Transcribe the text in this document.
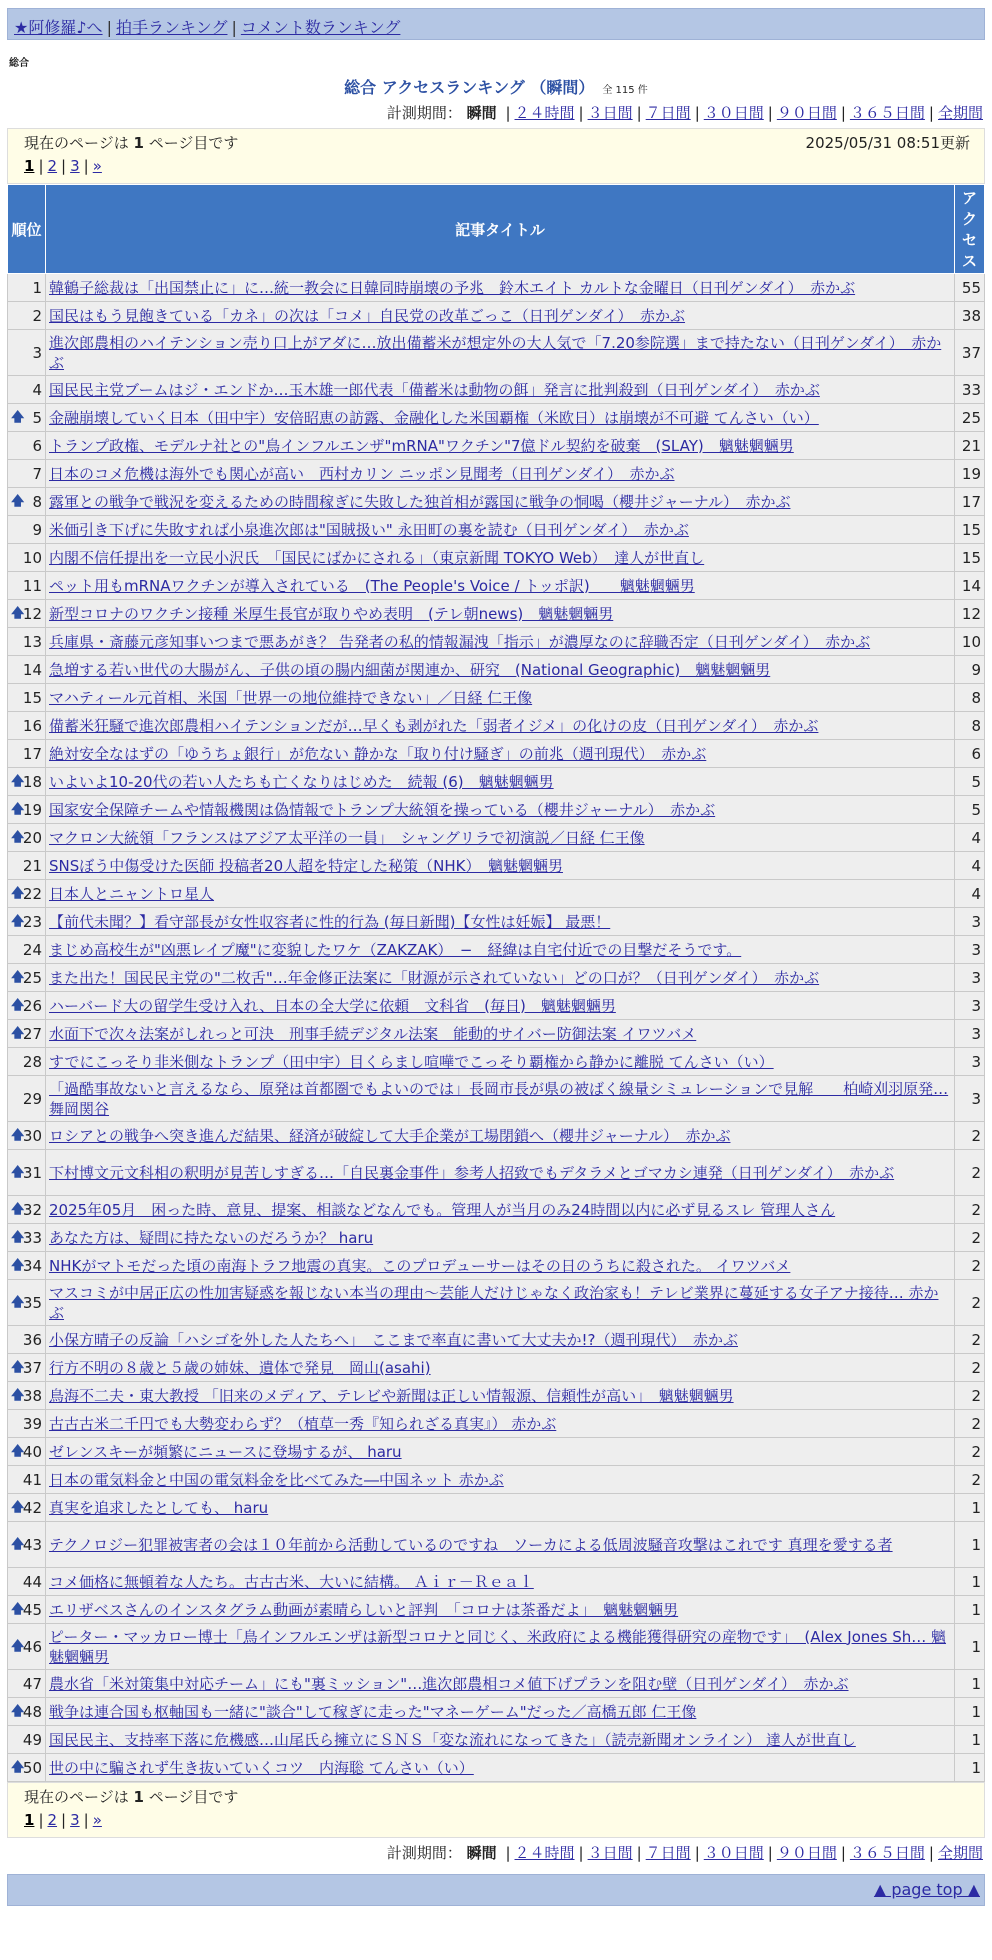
★阿修羅♪へ | 拍手ランキング | コメント数ランキング
総合
総合 アクセスランキング （瞬間） 全 115 件
計測期間： 瞬間 | ２４時間 | ３日間 | ７日間 | ３０日間 | ９０日間 | ３６５日間 | 全期間
現在のページは 1 ページ目です	2025/05/31 08:51更新
1 | 2 | 3 | »
順位	記事タイトル	アクセス
1	韓鶴子総裁は「出国禁止に」に…統一教会に日韓同時崩壊の予兆　鈴木エイト カルトな金曜日（日刊ゲンダイ）　赤かぶ	55
2	国民はもう見飽きている「カネ」の次は「コメ」自民党の改革ごっこ（日刊ゲンダイ）　赤かぶ	38
3	進次郎農相のハイテンション売り口上がアダに…放出備蓄米が想定外の大人気で「7.20参院選」まで持たない（日刊ゲンダイ）　赤かぶ	37
4	国民民主党ブームはジ・エンドか…玉木雄一郎代表「備蓄米は動物の餌」発言に批判殺到（日刊ゲンダイ）　赤かぶ	33

🡅 5	金融崩壊していく日本（田中宇）安倍昭恵の訪露、金融化した米国覇権（米欧日）は崩壊が不可避 てんさい（い）	25
6	トランプ政権、モデルナ社との"鳥インフルエンザ"mRNA"ワクチン"7億ドル契約を破棄　(SLAY)　魑魅魍魎男	21
7	日本のコメ危機は海外でも関心が高い　西村カリン ニッポン見聞考（日刊ゲンダイ）　赤かぶ	19

🡅 8	露軍との戦争で戦況を変えるための時間稼ぎに失敗した独首相が露国に戦争の恫喝（櫻井ジャーナル）　赤かぶ	17
9	米価引き下げに失敗すれば小泉進次郎は"国賊扱い" 永田町の裏を読む（日刊ゲンダイ）　赤かぶ	15
10	内閣不信任提出を一立民小沢氏　「国民にばかにされる」（東京新聞 TOKYO Web）　達人が世直し	15
11	ペット用もmRNAワクチンが導入されている　(The People's Voice / トッポ訳)　　魑魅魍魎男	14

🡅
12	新型コロナのワクチン接種 米厚生長官が取りやめ表明　(テレ朝news)　魑魅魍魎男	12
13	兵庫県・斎藤元彦知事いつまで悪あがき？ 告発者の私的情報漏洩「指示」が濃厚なのに辞職否定（日刊ゲンダイ）　赤かぶ	10
14	急増する若い世代の大腸がん、子供の頃の腸内細菌が関連か、研究　(National Geographic)　魑魅魍魎男	9
15	マハティール元首相、米国「世界一の地位維持できない」／日経 仁王像	8
16	備蓄米狂騒で進次郎農相ハイテンションだが…早くも剥がれた「弱者イジメ」の化けの皮（日刊ゲンダイ）　赤かぶ	8
17	絶対安全なはずの「ゆうちょ銀行」が危ない 静かな「取り付け騒ぎ」の前兆（週刊現代）　赤かぶ	6

🡅
18	いよいよ10-20代の若い人たちも亡くなりはじめた　続報 (6)　魑魅魍魎男	5

🡅
19	国家安全保障チームや情報機関は偽情報でトランプ大統領を操っている（櫻井ジャーナル）　赤かぶ	5

🡅
20	マクロン大統領「フランスはアジア太平洋の一員」　シャングリラで初演説／日経 仁王像	4
21	SNSぼう中傷受けた医師 投稿者20人超を特定した秘策（NHK）　魑魅魍魎男	4

🡅
22	日本人とニャントロ星人	4

🡅
23	【前代未聞？】看守部長が女性収容者に性的行為 (毎日新聞)【女性は妊娠】 最悪！	3
24	まじめ高校生が"凶悪レイプ魔"に変貌したワケ（ZAKZAK）　−　経緯は自宅付近での目撃だそうです。	3

🡅
25	また出た！国民民主党の"二枚舌"…年金修正法案に「財源が示されていない」どの口が？（日刊ゲンダイ）　赤かぶ	3

🡅
26	ハーバード大の留学生受け入れ、日本の全大学に依頼　文科省　(毎日)　魑魅魍魎男	3

🡅
27	水面下で次々法案がしれっと可決　刑事手続デジタル法案　能動的サイバー防御法案 イワツバメ	3
28	すでにこっそり非米側なトランプ（田中宇）目くらまし喧嘩でこっそり覇権から静かに離脱 てんさい（い）	3
29	「過酷事故ないと言えるなら、原発は首都圏でもよいのでは」長岡市長が県の被ばく線量シミュレーションで見解　　柏崎刈羽原発… 舞岡関谷	3

🡅
30	ロシアとの戦争へ突き進んだ結果、経済が破綻して大手企業が工場閉鎖へ（櫻井ジャーナル）　赤かぶ	2

🡅
31	下村博文元文科相の釈明が見苦しすぎる…「自民裏金事件」参考人招致でもデタラメとゴマカシ連発（日刊ゲンダイ）　赤かぶ	2

🡅
32	2025年05月　困った時、意見、提案、相談などなんでも。管理人が当月のみ24時間以内に必ず見るスレ 管理人さん	2

🡅
33	あなた方は、疑問に持たないのだろうか？ haru	2

🡅
34	NHKがマトモだった頃の南海トラフ地震の真実。このプロデューサーはその日のうちに殺された。 イワツバメ	2

🡅
35	マスコミが中居正広の性加害疑惑を報じない本当の理由〜芸能人だけじゃなく政治家も！テレビ業界に蔓延する女子アナ接待… 赤かぶ	2
36	小保方晴子の反論「ハシゴを外した人たちへ」　ここまで率直に書いて大丈夫か!?（週刊現代）　赤かぶ	2

🡅
37	行方不明の８歳と５歳の姉妹、遺体で発見　岡山(asahi)	2

🡅
38	鳥海不二夫・東大教授 「旧来のメディア、テレビや新聞は正しい情報源、信頼性が高い」　魑魅魍魎男	2
39	古古古米二千円でも大勢変わらず？（植草一秀『知られざる真実』） 赤かぶ	2

🡅
40	ゼレンスキーが頻繁にニュースに登場するが、 haru	2
41	日本の電気料金と中国の電気料金を比べてみた―中国ネット 赤かぶ	2

🡅
42	真実を追求したとしても、 haru	1

🡅
43	テクノロジー犯罪被害者の会は１０年前から活動しているのですね　ソーカによる低周波騒音攻撃はこれです 真理を愛する者	1
44	コメ価格に無頓着な人たち。古古古米、大いに結構。 Ａｉｒ－Ｒｅａｌ	1

🡅
45	エリザベスさんのインスタグラム動画が素晴らしいと評判　「コロナは茶番だよ」　魑魅魍魎男	1

🡅
46	ピーター・マッカロー博士「鳥インフルエンザは新型コロナと同じく、米政府による機能獲得研究の産物です」　(Alex Jones Sh… 魑魅魍魎男	1
47	農水省「米対策集中対応チーム」にも"裏ミッション"…進次郎農相コメ値下げプランを阻む壁（日刊ゲンダイ）　赤かぶ	1

🡅
48	戦争は連合国も枢軸国も一緒に"談合"して稼ぎに走った"マネーゲーム"だった／高橋五郎 仁王像	1
49	国民民主、支持率下落に危機感…山尾氏ら擁立にＳＮＳ「変な流れになってきた」（読売新聞オンライン） 達人が世直し	1

🡅
50	世の中に騙されず生き抜いていくコツ　内海聡 てんさい（い）	1
現在のページは 1 ページ目です
1 | 2 | 3 | »
計測期間： 瞬間 | ２４時間 | ３日間 | ７日間 | ３０日間 | ９０日間 | ３６５日間 | 全期間
▲ page top ▲
